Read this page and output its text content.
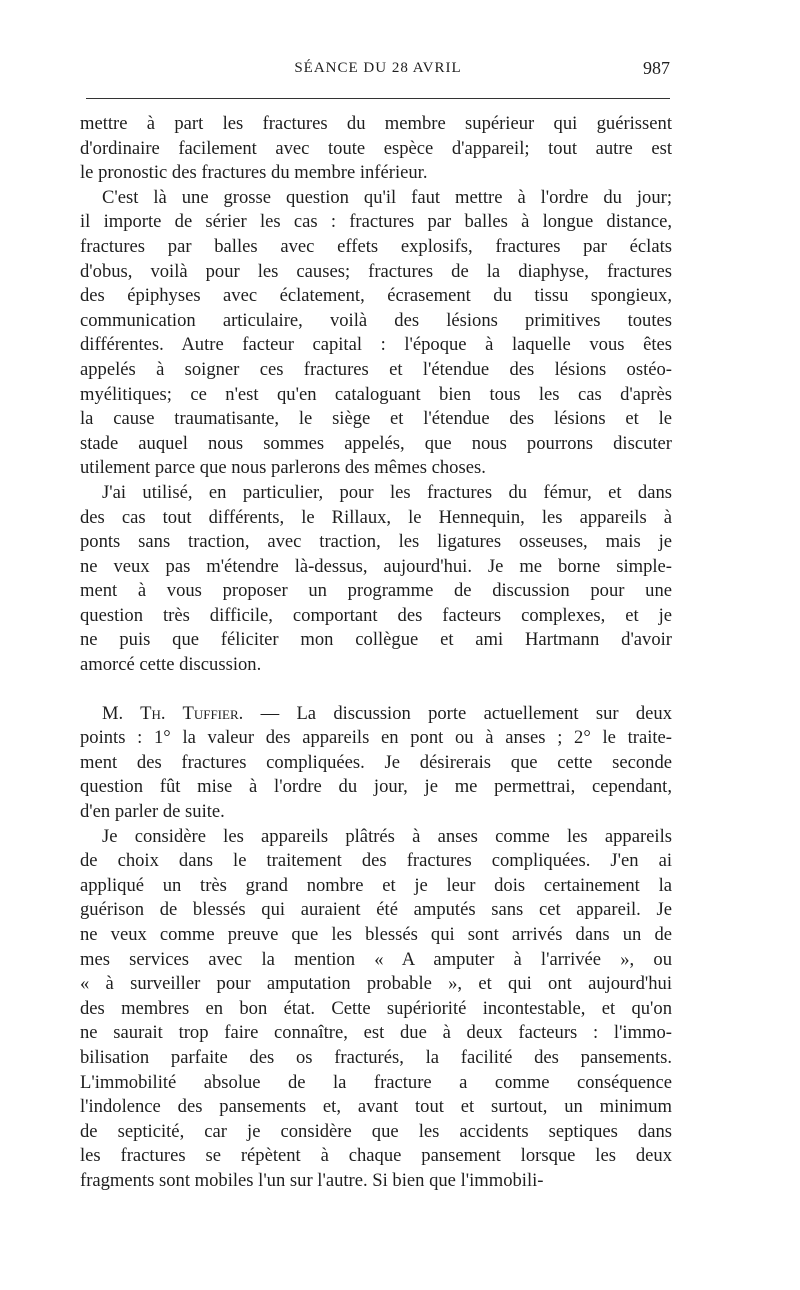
SÉANCE DU 28 AVRIL	987
mettre à part les fractures du membre supérieur qui guérissent
d'ordinaire facilement avec toute espèce d'appareil; tout autre est
le pronostic des fractures du membre inférieur.
C'est là une grosse question qu'il faut mettre à l'ordre du jour;
il importe de sérier les cas : fractures par balles à longue distance,
fractures par balles avec effets explosifs, fractures par éclats
d'obus, voilà pour les causes; fractures de la diaphyse, fractures
des épiphyses avec éclatement, écrasement du tissu spongieux,
communication articulaire, voilà des lésions primitives toutes
différentes. Autre facteur capital : l'époque à laquelle vous êtes
appelés à soigner ces fractures et l'étendue des lésions ostéo-
myélitiques; ce n'est qu'en cataloguant bien tous les cas d'après
la cause traumatisante, le siège et l'étendue des lésions et le
stade auquel nous sommes appelés, que nous pourrons discuter
utilement parce que nous parlerons des mêmes choses.
J'ai utilisé, en particulier, pour les fractures du fémur, et dans
des cas tout différents, le Rillaux, le Hennequin, les appareils à
ponts sans traction, avec traction, les ligatures osseuses, mais je
ne veux pas m'étendre là-dessus, aujourd'hui. Je me borne simple-
ment à vous proposer un programme de discussion pour une
question très difficile, comportant des facteurs complexes, et je
ne puis que féliciter mon collègue et ami Hartmann d'avoir
amorcé cette discussion.
M. Th. Tuffier. — La discussion porte actuellement sur deux
points : 1° la valeur des appareils en pont ou à anses ; 2° le traite-
ment des fractures compliquées. Je désirerais que cette seconde
question fût mise à l'ordre du jour, je me permettrai, cependant,
d'en parler de suite.
Je considère les appareils plâtrés à anses comme les appareils
de choix dans le traitement des fractures compliquées. J'en ai
appliqué un très grand nombre et je leur dois certainement la
guérison de blessés qui auraient été amputés sans cet appareil. Je
ne veux comme preuve que les blessés qui sont arrivés dans un de
mes services avec la mention « A amputer à l'arrivée », ou
« à surveiller pour amputation probable », et qui ont aujourd'hui
des membres en bon état. Cette supériorité incontestable, et qu'on
ne saurait trop faire connaître, est due à deux facteurs : l'immo-
bilisation parfaite des os fracturés, la facilité des pansements.
L'immobilité absolue de la fracture a comme conséquence
l'indolence des pansements et, avant tout et surtout, un minimum
de septicité, car je considère que les accidents septiques dans
les fractures se répètent à chaque pansement lorsque les deux
fragments sont mobiles l'un sur l'autre. Si bien que l'immobili-
